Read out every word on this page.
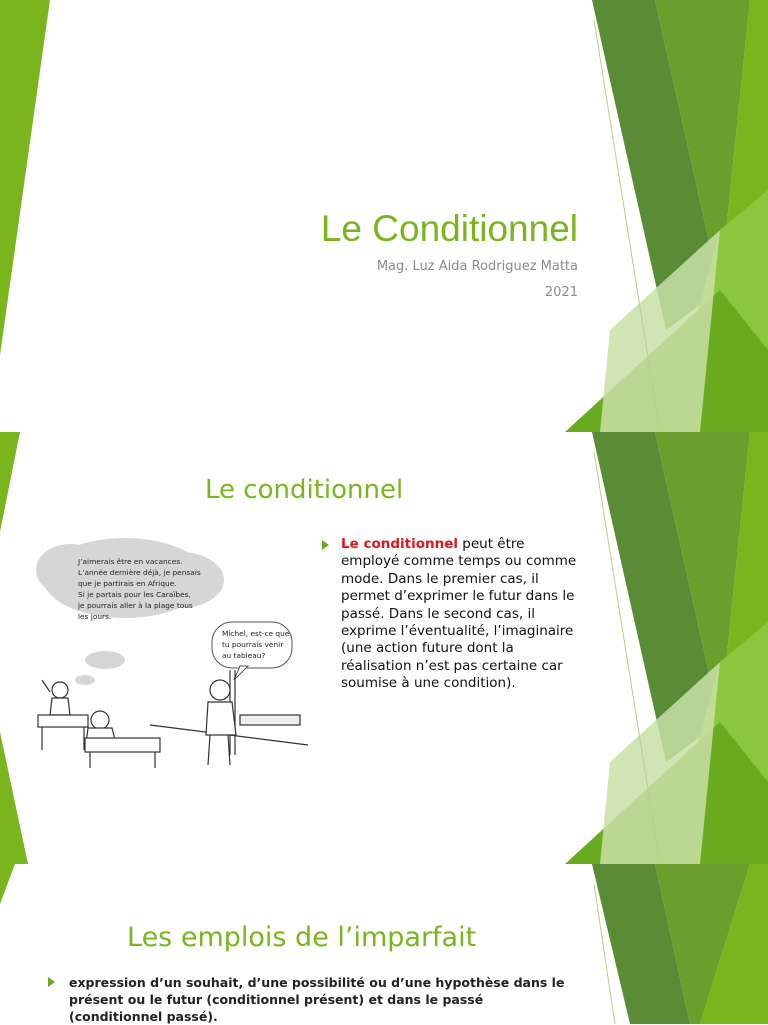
Le Conditionnel
Mag. Luz Aida Rodriguez Matta
2021
Le conditionnel
J’aimerais être en vacances.
L’année dernière déjà, je pensais
que je partirais en Afrique.
Si je partais pour les Caraïbes,
je pourrais aller à la plage tous
les jours.
Michel, est-ce que
tu pourrais venir
au tableau?
Le conditionnel peut être employé comme temps ou comme mode. Dans le premier cas, il permet d’exprimer le futur dans le passé. Dans le second cas, il exprime l’éventualité, l’imaginaire (une action future dont la réalisation n’est pas certaine car soumise à une condition).
Les emplois de l’imparfait
expression d’un souhait, d’une possibilité ou d’une hypothèse dans le présent ou le futur (conditionnel présent) et dans le passé (conditionnel passé).
